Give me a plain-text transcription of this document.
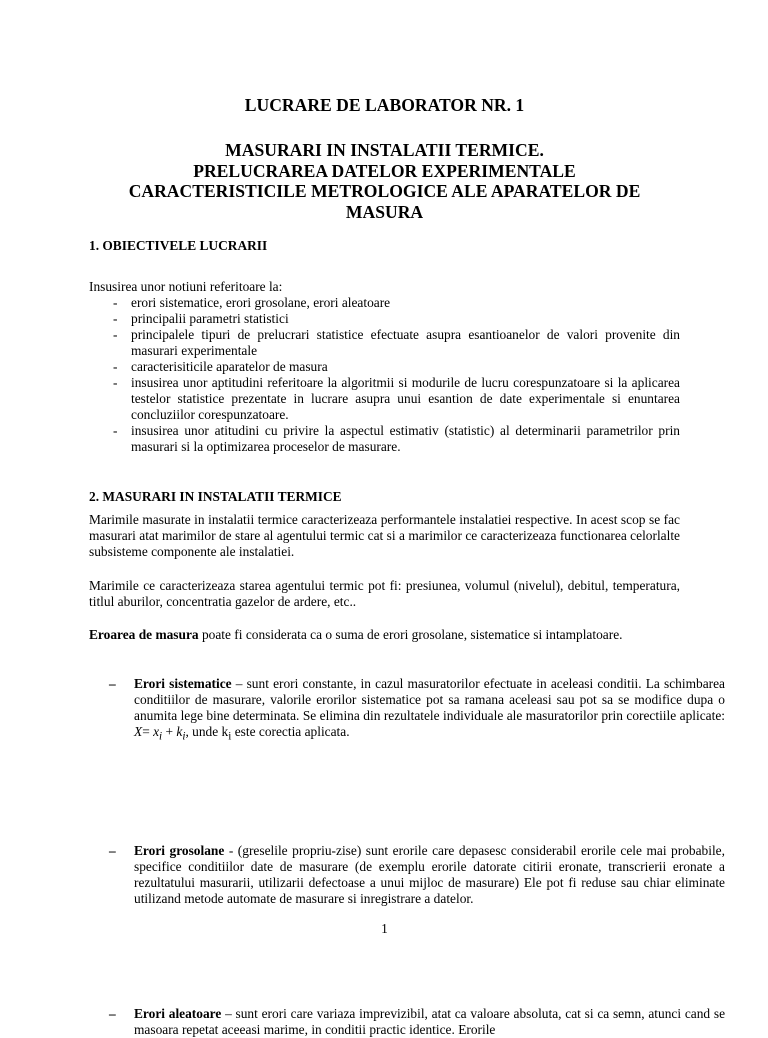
LUCRARE DE LABORATOR NR. 1
MASURARI IN INSTALATII TERMICE.
PRELUCRAREA DATELOR EXPERIMENTALE
CARACTERISTICILE METROLOGICE ALE APARATELOR DE MASURA
1. OBIECTIVELE LUCRARII

Insusirea unor notiuni referitoare la:

- erori sistematice, erori grosolane, erori aleatoare
- principalii parametri statistici
- principalele tipuri de prelucrari statistice efectuate asupra esantioanelor de valori provenite din masurari experimentale
- caracterisiticile aparatelor de masura
- insusirea unor aptitudini referitoare la algoritmii si modurile de lucru corespunzatoare si la aplicarea testelor statistice prezentate in lucrare asupra unui esantion de date experimentale si enuntarea concluziilor corespunzatoare.
- insusirea unor atitudini cu privire la aspectul estimativ (statistic) al determinarii parametrilor prin masurari si la optimizarea proceselor de masurare.
2. MASURARI IN INSTALATII TERMICE

Marimile masurate in instalatii termice caracterizeaza performantele instalatiei respective. In acest scop se fac masurari atat marimilor de stare al agentului termic cat si a marimilor ce caracterizeaza functionarea celorlalte subsisteme componente ale instalatiei.

Marimile ce caracterizeaza starea agentului termic pot fi: presiunea, volumul (nivelul), debitul, temperatura, titlul aburilor, concentratia gazelor de ardere, etc..

Eroarea de masura poate fi considerata ca o suma de erori grosolane, sistematice si intamplatoare.

– Erori sistematice – sunt erori constante, in cazul masuratorilor efectuate in aceleasi conditii. La schimbarea conditiilor de masurare, valorile erorilor sistematice pot sa ramana aceleasi sau pot sa se modifice dupa o anumita lege bine determinata. Se elimina din rezultatele individuale ale masuratorilor prin corectiile aplicate: $X= x_i + k_i$, unde $k_i$ este corectia aplicata.
– Erori grosolane - (greselile propriu-zise) sunt erorile care depasesc considerabil erorile cele mai probabile, specifice conditiilor date de masurare (de exemplu erorile datorate citirii eronate, transcrierii eronate a rezultatului masurarii, utilizarii defectoase a unui mijloc de masurare) Ele pot fi reduse sau chiar eliminate utilizand metode automate de masurare si inregistrare a datelor.
– Erori aleatoare – sunt erori care variaza imprevizibil, atat ca valoare absoluta, cat si ca semn, atunci cand se masoara repetat aceeasi marime, in conditii practic identice. Erorile
1
